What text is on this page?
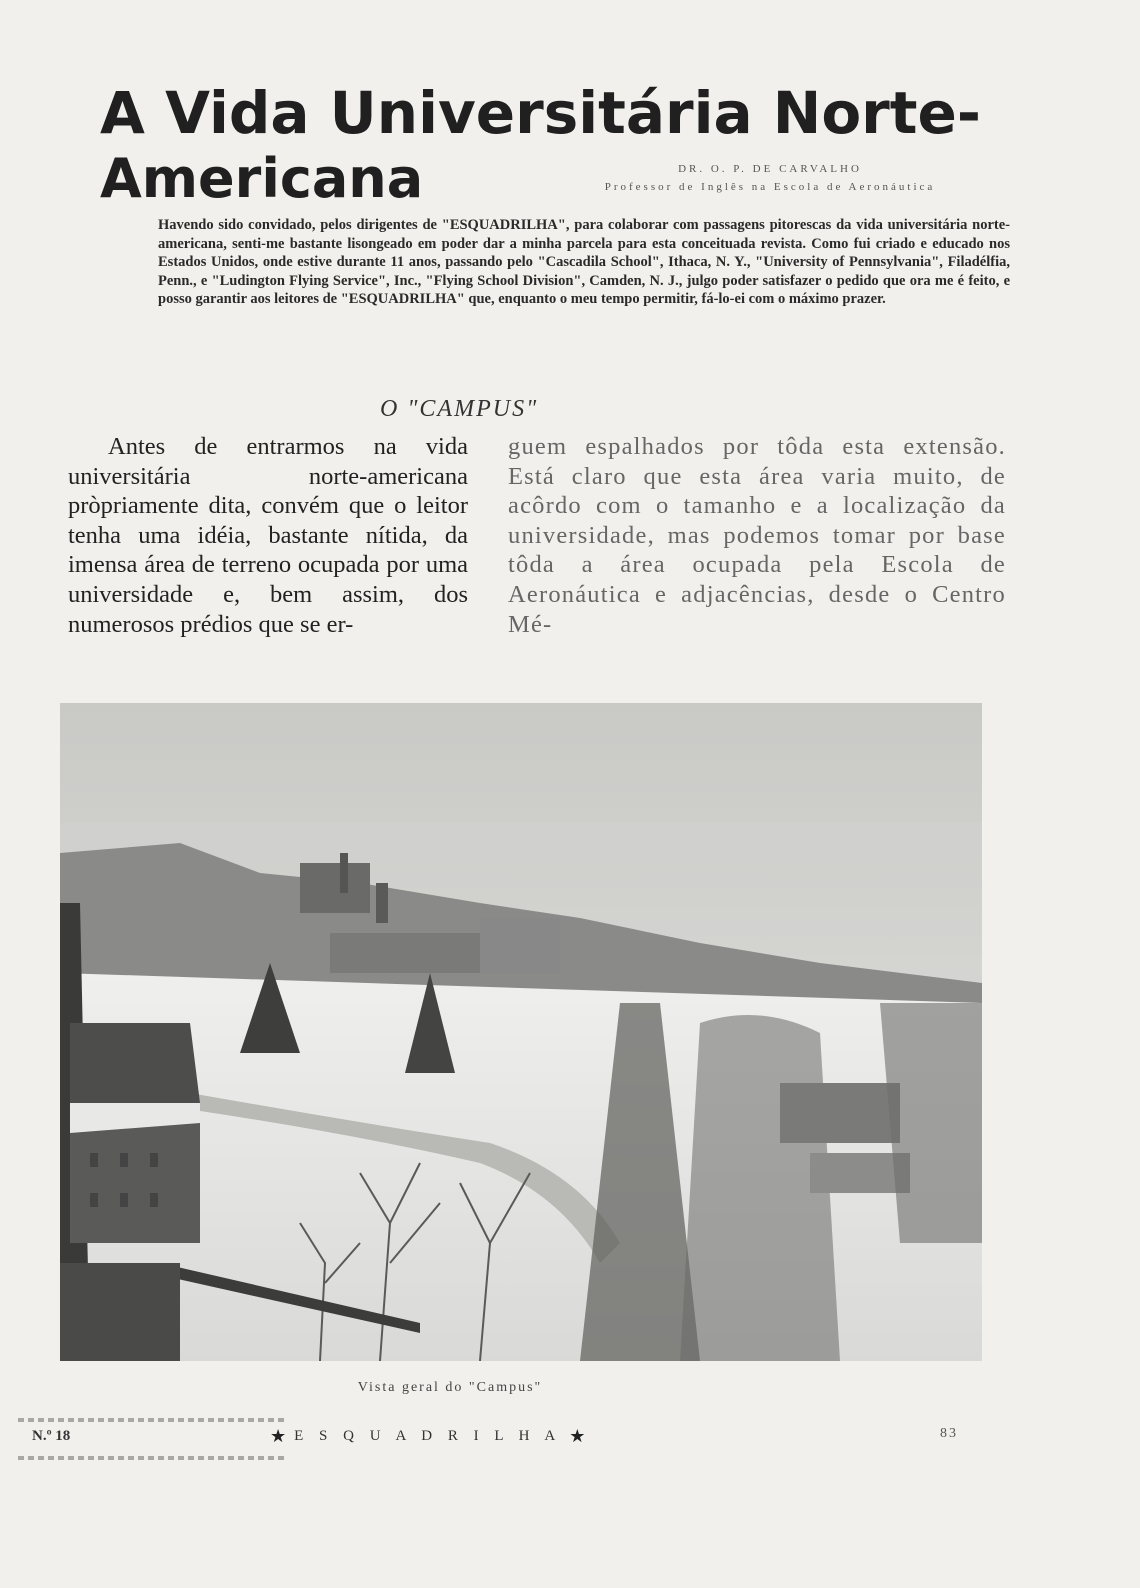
A Vida Universitária Norte-
Americana	DR. O. P. DE CARVALHO
Professor de Inglês na Escola de Aeronáutica
Havendo sido convidado, pelos dirigentes de "ESQUADRILHA", para colaborar com passagens pitorescas da vida universitária norte-americana, senti-me bastante lisongeado em poder dar a minha parcela para esta conceituada revista. Como fui criado e educado nos Estados Unidos, onde estive durante 11 anos, passando pelo "Cascadila School", Ithaca, N. Y., "University of Pennsylvania", Filadélfia, Penn., e "Ludington Flying Service", Inc., "Flying School Division", Camden, N. J., julgo poder satisfazer o pedido que ora me é feito, e posso garantir aos leitores de "ESQUADRILHA" que, enquanto o meu tempo permitir, fá-lo-ei com o máximo prazer.
O "CAMPUS"

Antes de entrarmos na vida universitária norte-americana pròpriamente dita, convém que o leitor tenha uma idéia, bastante nítida, da imensa área de terreno ocupada por uma universidade e, bem assim, dos numerosos prédios que se er-

guem espalhados por tôda esta extensão. Está claro que esta área varia muito, de acôrdo com o tamanho e a localização da universidade, mas podemos tomar por base tôda a área ocupada pela Escola de Aeronáutica e adjacências, desde o Centro Mé-

Vista geral do "Campus"
N.º 18	★ E S Q U A D R I L H A ★	83
